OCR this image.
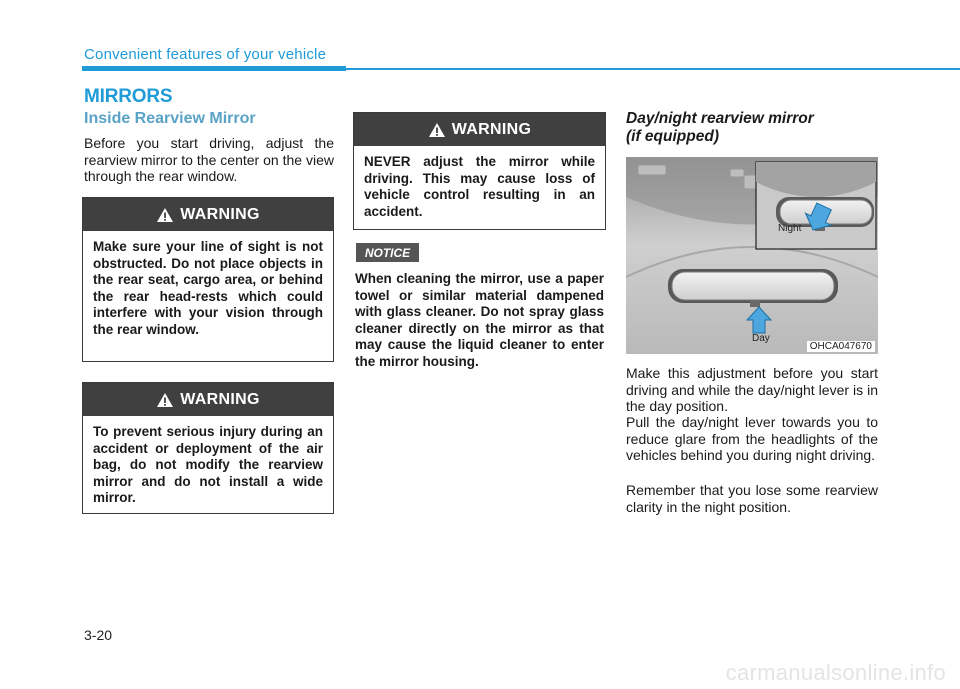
Convenient features of your vehicle
MIRRORS
Inside Rearview Mirror
Before you start driving, adjust the rearview mirror to the center on the view through the rear window.
WARNING
Make sure your line of sight is not obstructed. Do not place objects in the rear seat, cargo area, or behind the rear head-rests which could interfere with your vision through the rear window.
WARNING
To prevent serious injury during an accident or deployment of the air bag, do not modify the rearview mirror and do not install a wide mirror.
WARNING
NEVER adjust the mirror while driving. This may cause loss of vehicle control resulting in an accident.
NOTICE
When cleaning the mirror, use a paper towel or similar material dampened with glass cleaner. Do not spray glass cleaner directly on the mirror as that may cause the liquid cleaner to enter the mirror housing.
Day/night rearview mirror
(if equipped)
Night
Day
OHCA047670
Make this adjustment before you start driving and while the day/night lever is in the day position.
Pull the day/night lever towards you to reduce glare from the headlights of the vehicles behind you during night driving.
Remember that you lose some rearview clarity in the night position.
3-20
carmanualsonline.info
